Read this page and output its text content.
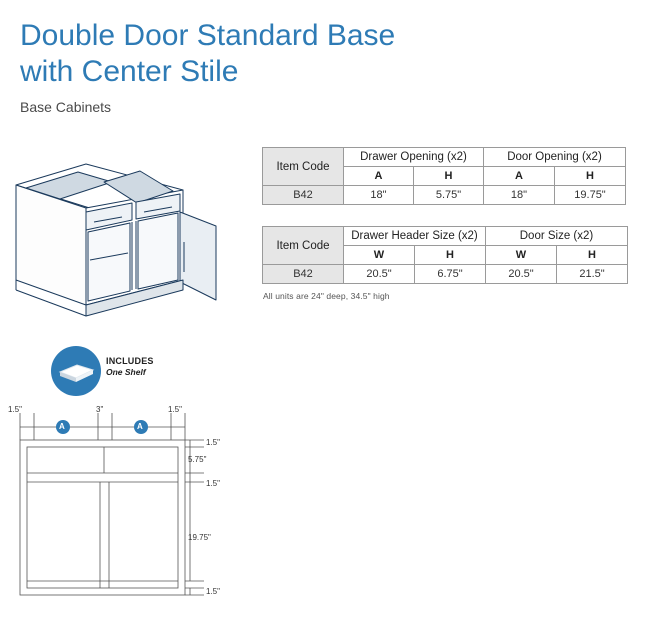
Double Door Standard Base
with Center Stile
Base Cabinets
Item Code	Drawer Opening (x2)		Door Opening (x2)	
	A	H	A	H
B42	18"	5.75"	18"	19.75"
Item Code	Drawer Header Size (x2)		Door Size (x2)	
	W	H	W	H
B42	20.5"	6.75"	20.5"	21.5"
All units are 24" deep, 34.5" high
INCLUDES
One Shelf
1.5"	3"	1.5"
A	A
1.5"
5.75"
1.5"
19.75"
1.5"
